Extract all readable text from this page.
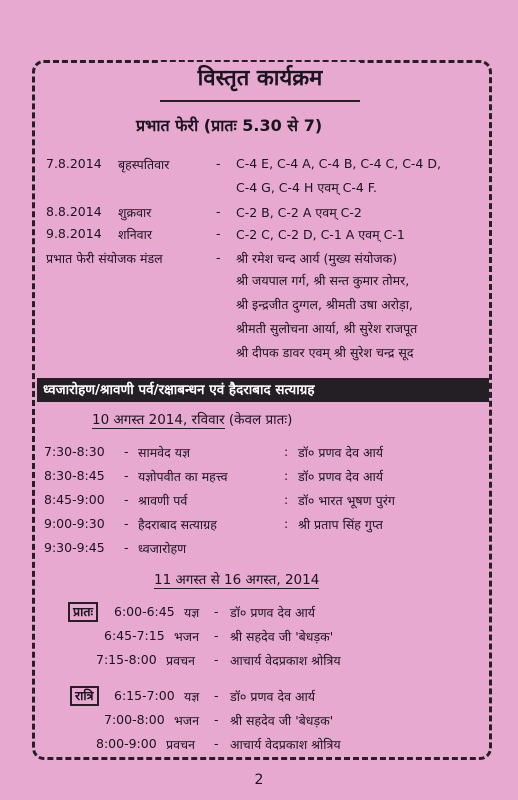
विस्तृत कार्यक्रम
प्रभात फेरी (प्रातः 5.30 से 7)
7.8.2014 बृहस्पतिवार	- C-4 E, C-4 A, C-4 B, C-4 C, C-4 D,
C-4 G, C-4 H एवम् C-4 F.
8.8.2014 शुक्रवार	- C-2 B, C-2 A एवम् C-2
9.8.2014 शनिवार	- C-2 C, C-2 D, C-1 A एवम् C-1
प्रभात फेरी संयोजक मंडल	- श्री रमेश चन्द आर्य (मुख्य संयोजक)
श्री जयपाल गर्ग, श्री सन्त कुमार तोमर,
श्री इन्द्रजीत दुग्गल, श्रीमती उषा अरोड़ा,
श्रीमती सुलोचना आर्या, श्री सुरेश राजपूत
श्री दीपक डावर एवम् श्री सुरेश चन्द्र सूद
ध्वजारोहण/श्रावणी पर्व/रक्षाबन्धन एवं हैदराबाद सत्याग्रह
10 अगस्त 2014, रविवार (केवल प्रातः)
7:30-8:30 - सामवेद यज्ञ	: डॉ० प्रणव देव आर्य
8:30-8:45 - यज्ञोपवीत का महत्त्व	: डॉ० प्रणव देव आर्य
8:45-9:00 - श्रावणी पर्व	: डॉ० भारत भूषण पुरंग
9:00-9:30 - हैदराबाद सत्याग्रह	: श्री प्रताप सिंह गुप्त
9:30-9:45 - ध्वजारोहण
11 अगस्त से 16 अगस्त, 2014
प्रातः	6:00-6:45 यज्ञ - डॉ० प्रणव देव आर्य
6:45-7:15 भजन - श्री सहदेव जी 'बेधड़क'
7:15-8:00 प्रवचन - आचार्य वेदप्रकाश श्रोत्रिय
रात्रि	6:15-7:00 यज्ञ - डॉ० प्रणव देव आर्य
7:00-8:00 भजन - श्री सहदेव जी 'बेधड़क'
8:00-9:00 प्रवचन - आचार्य वेदप्रकाश श्रोत्रिय
2
